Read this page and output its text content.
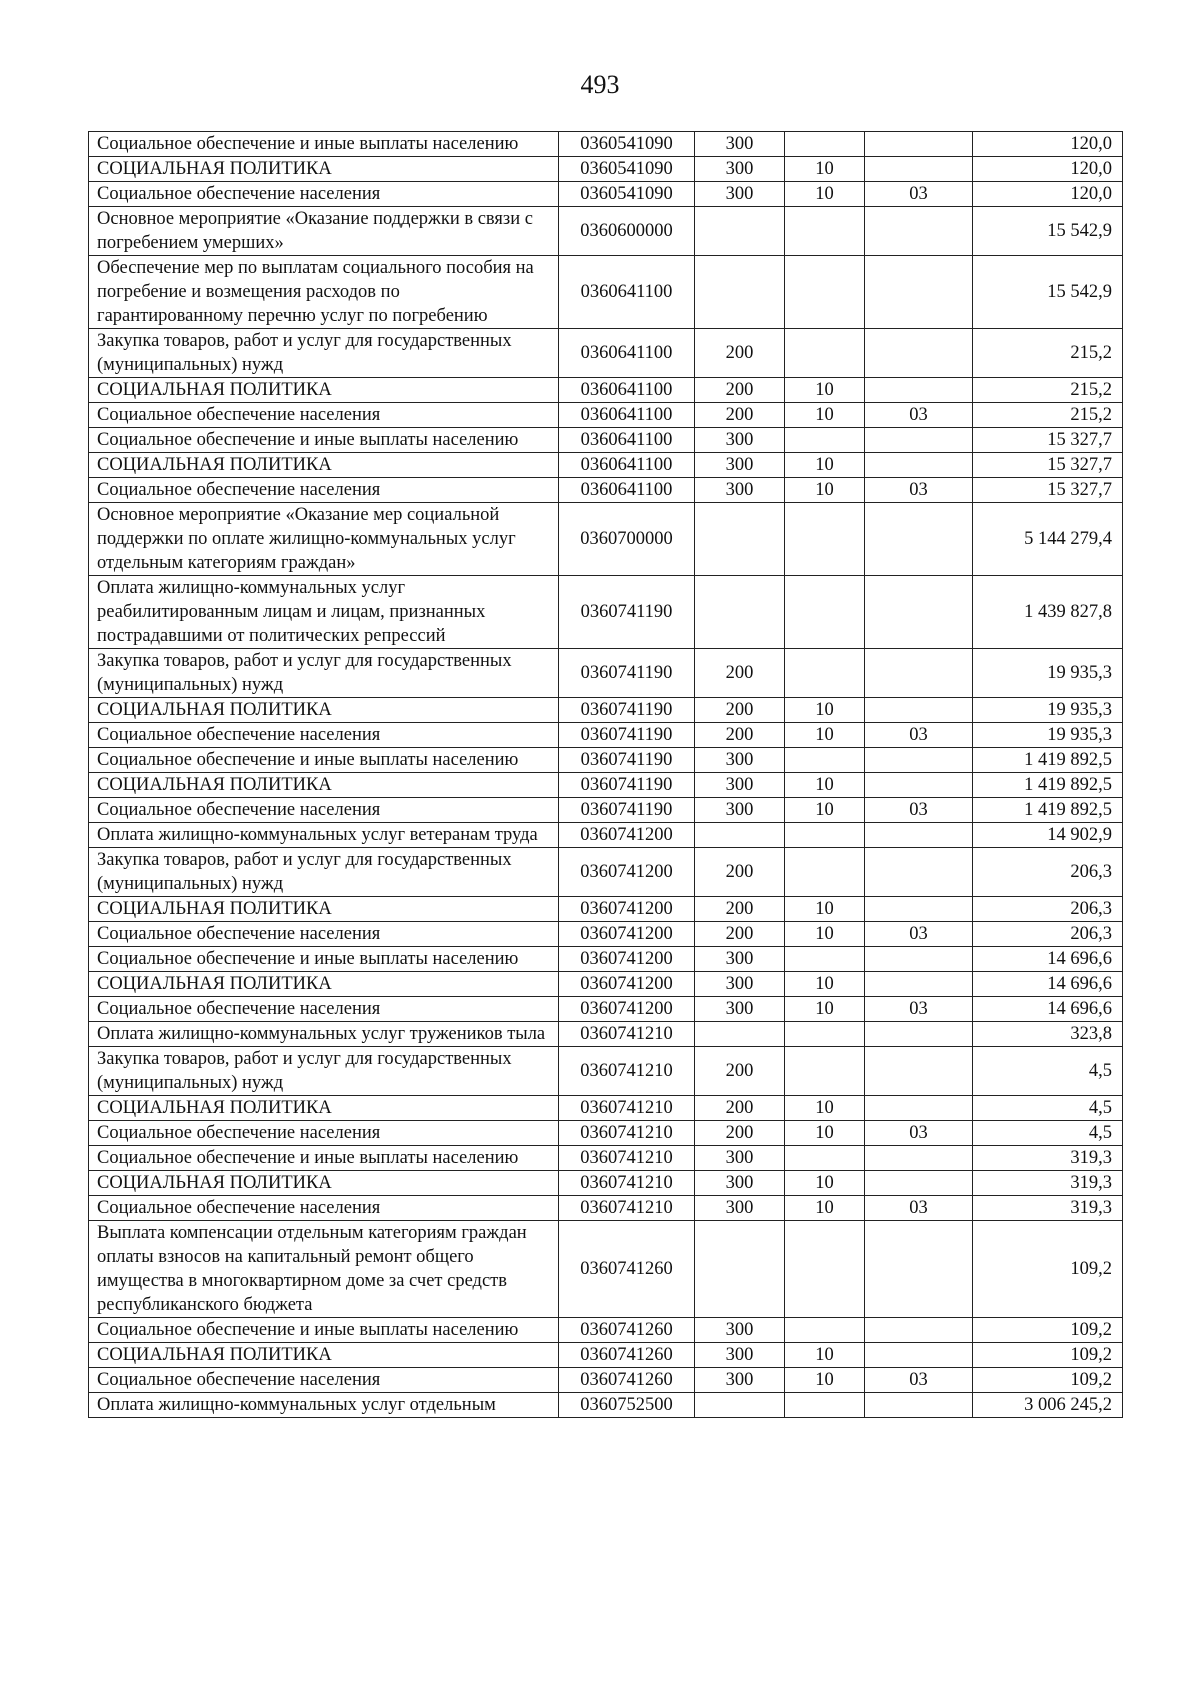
493
Социальное обеспечение и иные выплаты населению	0360541090	300			120,0
СОЦИАЛЬНАЯ ПОЛИТИКА	0360541090	300	10		120,0
Социальное обеспечение населения	0360541090	300	10	03	120,0
Основное мероприятие «Оказание поддержки в связи с погребением умерших»	0360600000				15 542,9
Обеспечение мер по выплатам социального пособия на погребение и возмещения расходов по гарантированному перечню услуг по погребению	0360641100				15 542,9
Закупка товаров, работ и услуг для государственных (муниципальных) нужд	0360641100	200			215,2
СОЦИАЛЬНАЯ ПОЛИТИКА	0360641100	200	10		215,2
Социальное обеспечение населения	0360641100	200	10	03	215,2
Социальное обеспечение и иные выплаты населению	0360641100	300			15 327,7
СОЦИАЛЬНАЯ ПОЛИТИКА	0360641100	300	10		15 327,7
Социальное обеспечение населения	0360641100	300	10	03	15 327,7
Основное мероприятие «Оказание мер социальной поддержки по оплате жилищно-коммунальных услуг отдельным категориям граждан»	0360700000				5 144 279,4
Оплата жилищно-коммунальных услуг реабилитированным лицам и лицам, признанных пострадавшими от политических репрессий	0360741190				1 439 827,8
Закупка товаров, работ и услуг для государственных (муниципальных) нужд	0360741190	200			19 935,3
СОЦИАЛЬНАЯ ПОЛИТИКА	0360741190	200	10		19 935,3
Социальное обеспечение населения	0360741190	200	10	03	19 935,3
Социальное обеспечение и иные выплаты населению	0360741190	300			1 419 892,5
СОЦИАЛЬНАЯ ПОЛИТИКА	0360741190	300	10		1 419 892,5
Социальное обеспечение населения	0360741190	300	10	03	1 419 892,5
Оплата жилищно-коммунальных услуг ветеранам труда	0360741200				14 902,9
Закупка товаров, работ и услуг для государственных (муниципальных) нужд	0360741200	200			206,3
СОЦИАЛЬНАЯ ПОЛИТИКА	0360741200	200	10		206,3
Социальное обеспечение населения	0360741200	200	10	03	206,3
Социальное обеспечение и иные выплаты населению	0360741200	300			14 696,6
СОЦИАЛЬНАЯ ПОЛИТИКА	0360741200	300	10		14 696,6
Социальное обеспечение населения	0360741200	300	10	03	14 696,6
Оплата жилищно-коммунальных услуг тружеников тыла	0360741210				323,8
Закупка товаров, работ и услуг для государственных (муниципальных) нужд	0360741210	200			4,5
СОЦИАЛЬНАЯ ПОЛИТИКА	0360741210	200	10		4,5
Социальное обеспечение населения	0360741210	200	10	03	4,5
Социальное обеспечение и иные выплаты населению	0360741210	300			319,3
СОЦИАЛЬНАЯ ПОЛИТИКА	0360741210	300	10		319,3
Социальное обеспечение населения	0360741210	300	10	03	319,3
Выплата компенсации отдельным категориям граждан оплаты взносов на капитальный ремонт общего имущества в многоквартирном доме за счет средств республиканского бюджета	0360741260				109,2
Социальное обеспечение и иные выплаты населению	0360741260	300			109,2
СОЦИАЛЬНАЯ ПОЛИТИКА	0360741260	300	10		109,2
Социальное обеспечение населения	0360741260	300	10	03	109,2
Оплата жилищно-коммунальных услуг отдельным	0360752500				3 006 245,2
